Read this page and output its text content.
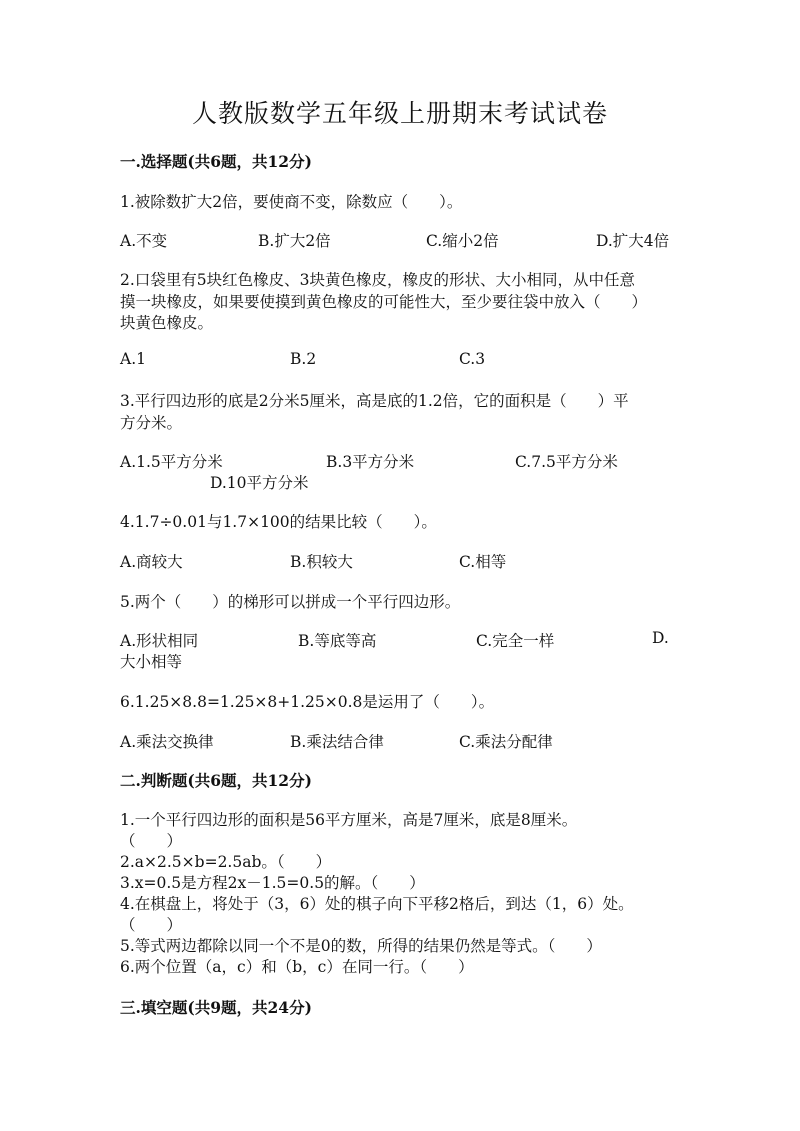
人教版数学五年级上册期末考试试卷
一.选择题(共6题，共12分)
1.被除数扩大2倍，要使商不变，除数应（　　）。
A.不变	B.扩大2倍	C.缩小2倍	D.扩大4倍
2.口袋里有5块红色橡皮、3块黄色橡皮，橡皮的形状、大小相同，从中任意
摸一块橡皮，如果要使摸到黄色橡皮的可能性大，至少要往袋中放入（　　）
块黄色橡皮。
A.1	B.2	C.3
3.平行四边形的底是2分米5厘米，高是底的1.2倍，它的面积是（　　）平
方分米。
A.1.5平方分米	B.3平方分米	C.7.5平方分米
D.10平方分米
4.1.7÷0.01与1.7×100的结果比较（　　）。
A.商较大	B.积较大	C.相等
5.两个（　　）的梯形可以拼成一个平行四边形。
A.形状相同	B.等底等高	C.完全一样	D.
大小相等
6.1.25×8.8=1.25×8+1.25×0.8是运用了（　　）。
A.乘法交换律	B.乘法结合律	C.乘法分配律
二.判断题(共6题，共12分)
1.一个平行四边形的面积是56平方厘米，高是7厘米，底是8厘米。
（　　）
2.a×2.5×b=2.5ab。（　　）
3.x=0.5是方程2x－1.5=0.5的解。（　　）
4.在棋盘上，将处于（3，6）处的棋子向下平移2格后，到达（1，6）处。
（　　）
5.等式两边都除以同一个不是0的数，所得的结果仍然是等式。（　　）
6.两个位置（a，c）和（b，c）在同一行。（　　）
三.填空题(共9题，共24分)
